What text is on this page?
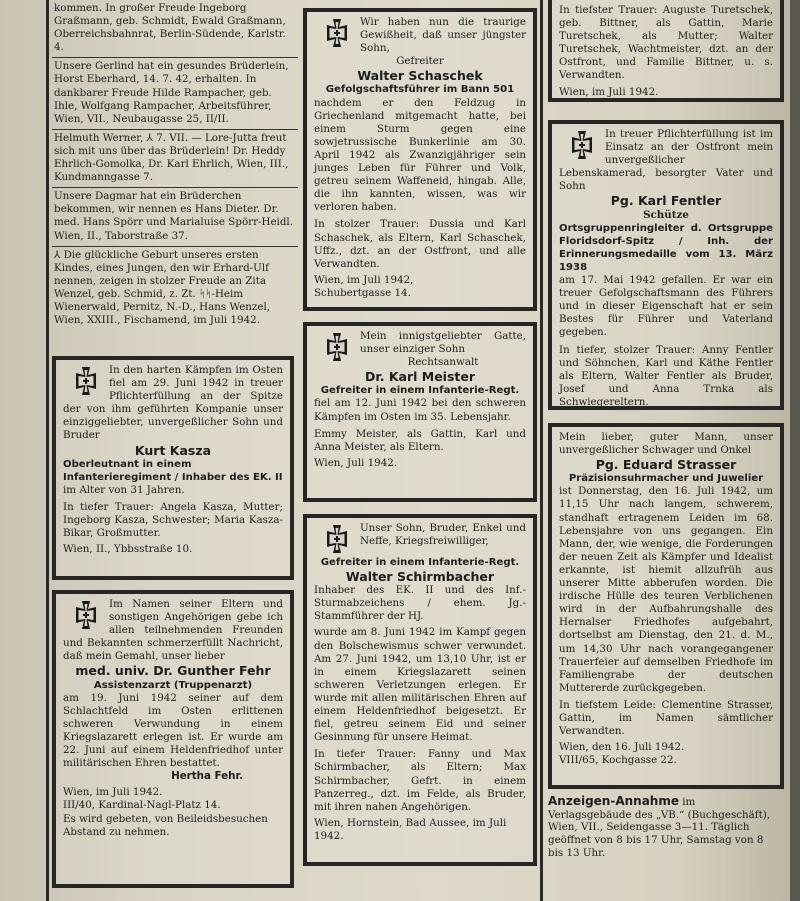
kommen. In großer Freude Ingeborg Graßmann, geb. Schmidt, Ewald Graßmann, Oberreichsbahnrat, Berlin-Südende, Karlstr. 4.
Unsere Gerlind hat ein gesundes Brüderlein, Horst Eberhard, 14. 7. 42, erhalten. In dankbarer Freude Hilde Rampacher, geb. Ihle, Wolfgang Rampacher, Arbeitsführer, Wien, VII., Neubaugasse 25, II/II.
Helmuth Werner, ⅄ 7. VII. — Lore-Jutta freut sich mit uns über das Brüderlein! Dr. Heddy Ehrlich-Gomolka, Dr. Karl Ehrlich, Wien, III., Kundmanngasse 7.
Unsere Dagmar hat ein Brüderchen bekommen, wir nennen es Hans Dieter. Dr. med. Hans Spörr und Marialuise Spörr-Heidl. Wien, II., Taborstraße 37.
⅄ Die glückliche Geburt unseres ersten Kindes, eines Jungen, den wir Erhard-Ulf nennen, zeigen in stolzer Freude an Zita Wenzel, geb. Schmid, z. Zt. ᛋᛋ-Heim Wienerwald, Pernitz, N.-D., Hans Wenzel, Wien, XXIII., Fischamend, im Juli 1942.

In den harten Kämpfen im Osten fiel am 29. Juni 1942 in treuer Pflichterfüllung an der Spitze der von ihm geführten Kompanie unser einziggeliebter, unvergeßlicher Sohn und Bruder

Kurt Kasza
Oberleutnant in einem Infanterieregiment / Inhaber des EK. II

im Alter von 31 Jahren.

In tiefer Trauer: Angela Kasza, Mutter; Ingeborg Kasza, Schwester; Maria Kasza-Bikar, Großmutter.

Wien, II., Ybbsstraße 10.

Im Namen seiner Eltern und sonstigen Angehörigen gebe ich allen teilnehmenden Freunden und Bekannten schmerzerfüllt Nachricht, daß mein Gemahl, unser lieber

med. univ. Dr. Gunther Fehr
Assistenzarzt (Truppenarzt)

am 19. Juni 1942 seiner auf dem Schlachtfeld im Osten erlittenen schweren Verwundung in einem Kriegslazarett erlegen ist. Er wurde am 22. Juni auf einem Heldenfriedhof unter militärischen Ehren bestattet.

Hertha Fehr.

Wien, im Juli 1942.

III/40, Kardinal-Nagl-Platz 14.

Es wird gebeten, von Beileidsbesuchen Abstand zu nehmen.

Wir haben nun die traurige Gewißheit, daß unser jüngster Sohn,

Gefreiter
Walter Schaschek
Gefolgschaftsführer im Bann 501

nachdem er den Feldzug in Griechenland mitgemacht hatte, bei einem Sturm gegen eine sowjetrussische Bunkerlinie am 30. April 1942 als Zwanzigjähriger sein junges Leben für Führer und Volk, getreu seinem Waffeneid, hingab. Alle, die ihn kannten, wissen, was wir verloren haben.

In stolzer Trauer: Dussia und Karl Schaschek, als Eltern, Karl Schaschek, Uffz., dzt. an der Ostfront, und alle Verwandten.

Wien, im Juli 1942,

Schubertgasse 14.

Mein innigstgeliebter Gatte, unser einziger Sohn

Rechtsanwalt
Dr. Karl Meister
Gefreiter in einem Infanterie-Regt.

fiel am 12. Juni 1942 bei den schweren Kämpfen im Osten im 35. Lebensjahr.

Emmy Meister, als Gattin, Karl und Anna Meister, als Eltern.

Wien, Juli 1942.

Unser Sohn, Bruder, Enkel und Neffe, Kriegsfreiwilliger,

Gefreiter in einem Infanterie-Regt.
Walter Schirmbacher

Inhaber des EK. II und des Inf.-Sturmabzeichens / ehem. Jg.-Stammführer der HJ.

wurde am 8. Juni 1942 im Kampf gegen den Bolschewismus schwer verwundet. Am 27. Juni 1942, um 13,10 Uhr, ist er in einem Kriegslazarett seinen schweren Verletzungen erlegen. Er wurde mit allen militärischen Ehren auf einem Heldenfriedhof beigesetzt. Er fiel, getreu seinem Eid und seiner Gesinnung für unsere Heimat.

In tiefer Trauer: Fanny und Max Schirmbacher, als Eltern; Max Schirmbacher, Gefrt. in einem Panzerreg., dzt. im Felde, als Bruder, mit ihren nahen Angehörigen.

Wien, Hornstein, Bad Aussee, im Juli 1942.

In tiefster Trauer: Auguste Turetschek, geb. Bittner, als Gattin, Marie Turetschek, als Mutter; Walter Turetschek, Wachtmeister, dzt. an der Ostfront, und Familie Bittner, u. s. Verwandten.

Wien, im Juli 1942.

In treuer Pflichterfüllung ist im Einsatz an der Ostfront mein unvergeßlicher Lebenskamerad, besorgter Vater und Sohn

Pg. Karl Fentler
Schütze
Ortsgruppenringleiter d. Ortsgruppe Floridsdorf-Spitz / Inh. der Erinnerungsmedaille vom 13. März 1938

am 17. Mai 1942 gefallen. Er war ein treuer Gefolgschaftsmann des Führers und in dieser Eigenschaft hat er sein Bestes für Führer und Vaterland gegeben.

In tiefer, stolzer Trauer: Anny Fentler und Söhnchen, Karl und Käthe Fentler als Eltern, Walter Fentler als Bruder, Josef und Anna Trnka als Schwiegereltern.

Mein lieber, guter Mann, unser unvergeßlicher Schwager und Onkel

Pg. Eduard Strasser
Präzisionsuhrmacher und Juwelier

ist Donnerstag, den 16. Juli 1942, um 11,15 Uhr nach langem, schwerem, standhaft ertragenem Leiden im 68. Lebensjahre von uns gegangen. Ein Mann, der, wie wenige, die Forderungen der neuen Zeit als Kämpfer und Idealist erkannte, ist hiemit allzufrüh aus unserer Mitte abberufen worden. Die irdische Hülle des teuren Verblichenen wird in der Aufbahrungshalle des Hernalser Friedhofes aufgebahrt, dortselbst am Dienstag, den 21. d. M., um 14,30 Uhr nach vorangegangener Trauerfeier auf demselben Friedhofe im Familiengrabe der deutschen Muttererde zurückgegeben.

In tiefstem Leide: Clementine Strasser, Gattin, im Namen sämtlicher Verwandten.

Wien, den 16. Juli 1942.

VIII/65, Kochgasse 22.

Anzeigen-Annahme im Verlagsgebäude des „VB.“ (Buchgeschäft), Wien, VII., Seidengasse 3—11. Täglich geöffnet von 8 bis 17 Uhr, Samstag von 8 bis 13 Uhr.
